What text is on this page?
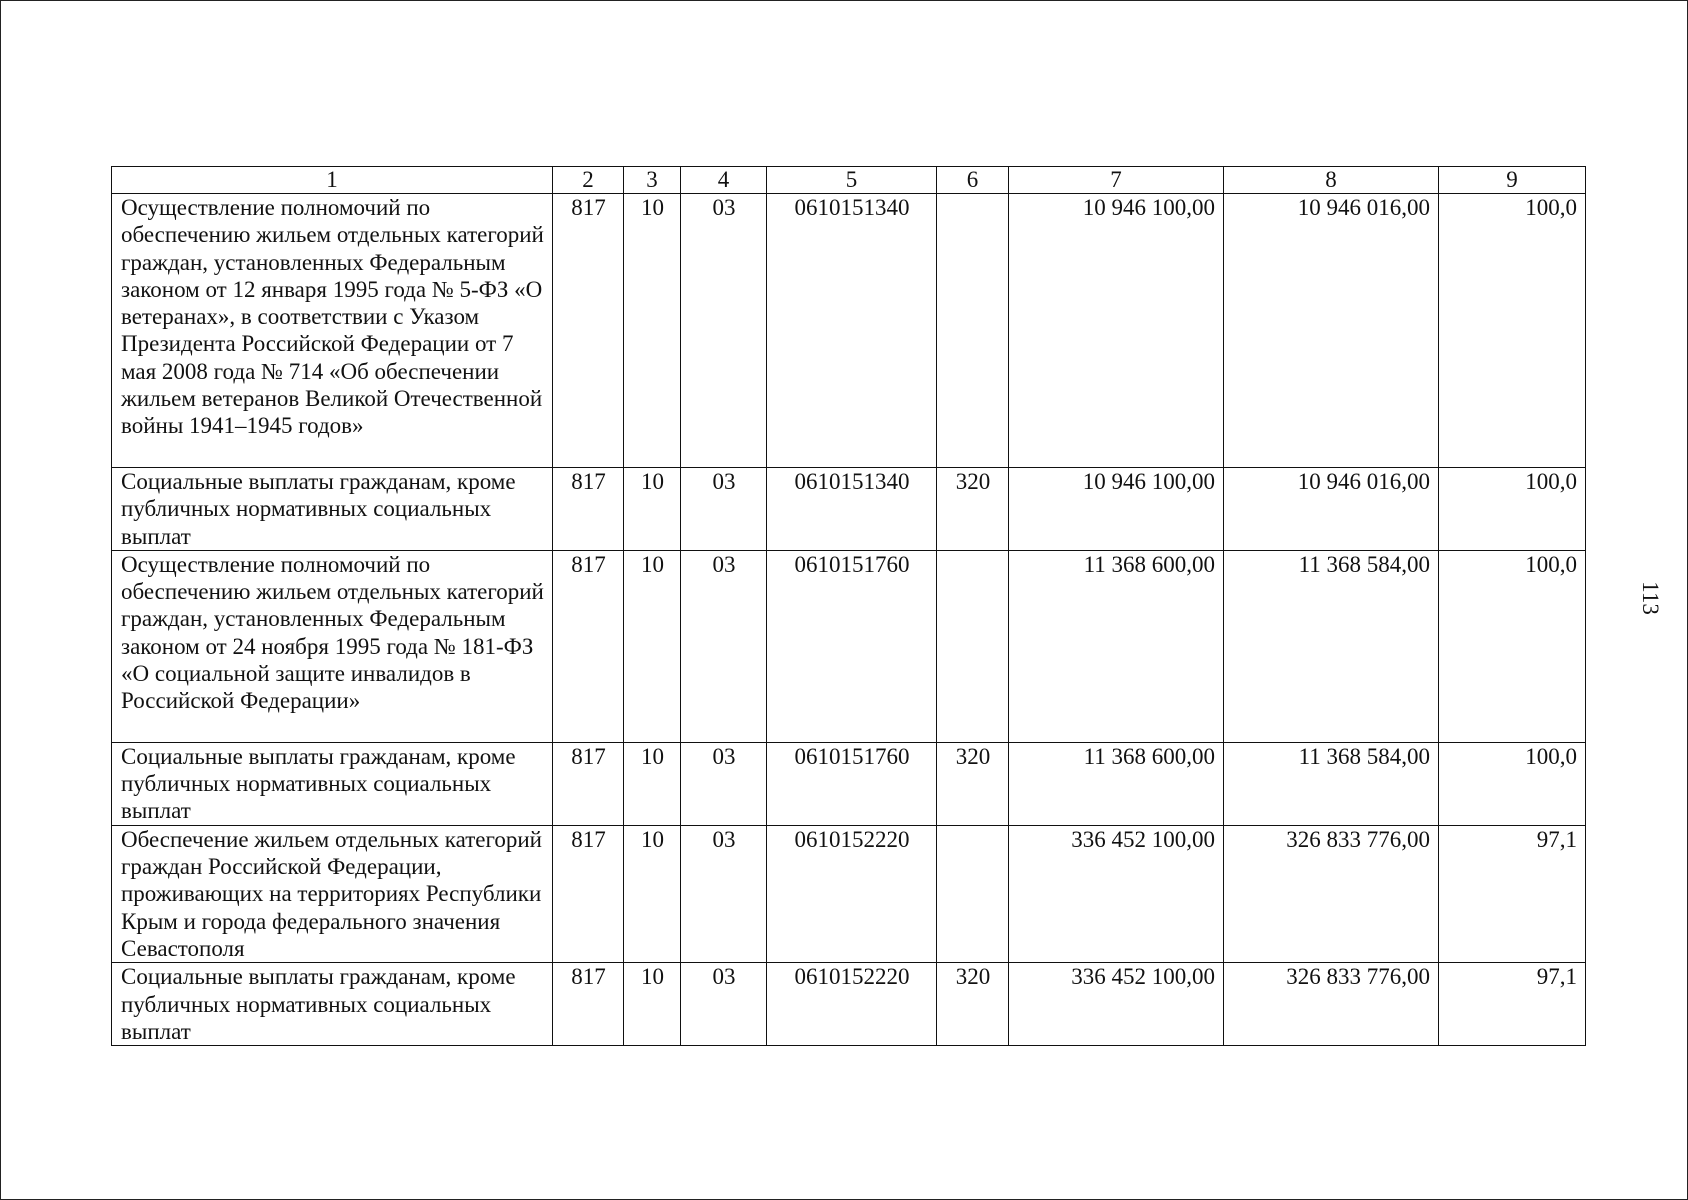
1	2	3	4	5	6	7	8	9
Осуществление полномочий по обеспечению жильем отдельных категорий граждан, установленных Федеральным законом от 12 января 1995 года № 5-ФЗ «О ветеранах», в соответствии с Указом Президента Российской Федерации от 7 мая 2008 года № 714 «Об обеспечении жильем ветеранов Великой Отечественной войны 1941–1945 годов»	817	10	03	0610151340		10 946 100,00	10 946 016,00	100,0
Социальные выплаты гражданам, кроме публичных нормативных социальных выплат	817	10	03	0610151340	320	10 946 100,00	10 946 016,00	100,0
Осуществление полномочий по обеспечению жильем отдельных категорий граждан, установленных Федеральным законом от 24 ноября 1995 года № 181-ФЗ «О социальной защите инвалидов в Российской Федерации»	817	10	03	0610151760		11 368 600,00	11 368 584,00	100,0
Социальные выплаты гражданам, кроме публичных нормативных социальных выплат	817	10	03	0610151760	320	11 368 600,00	11 368 584,00	100,0
Обеспечение жильем отдельных категорий граждан Российской Федерации, проживающих на территориях Республики Крым и города федерального значения Севастополя	817	10	03	0610152220		336 452 100,00	326 833 776,00	97,1
Социальные выплаты гражданам, кроме публичных нормативных социальных выплат	817	10	03	0610152220	320	336 452 100,00	326 833 776,00	97,1
113
